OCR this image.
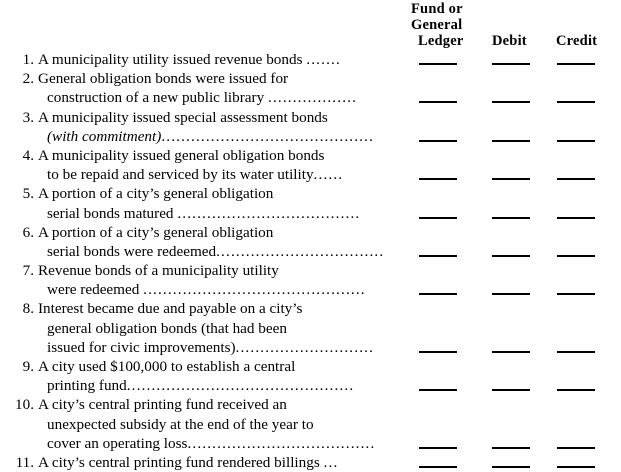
Fund or
General
Ledger Debit Credit
1. A municipality utility issued revenue bonds .......
2. General obligation bonds were issued for
construction of a new public library ..................
3. A municipality issued special assessment bonds
(with commitment)...........................................
4. A municipality issued general obligation bonds
to be repaid and serviced by its water utility......
5. A portion of a city’s general obligation
serial bonds matured .....................................
6. A portion of a city’s general obligation
serial bonds were redeemed..................................
7. Revenue bonds of a municipality utility
were redeemed .............................................
8. Interest became due and payable on a city’s
general obligation bonds (that had been
issued for civic improvements)............................
9. A city used $100,000 to establish a central
printing fund..............................................
10. A city’s central printing fund received an
unexpected subsidy at the end of the year to
cover an operating loss......................................
11. A city’s central printing fund rendered billings ...
